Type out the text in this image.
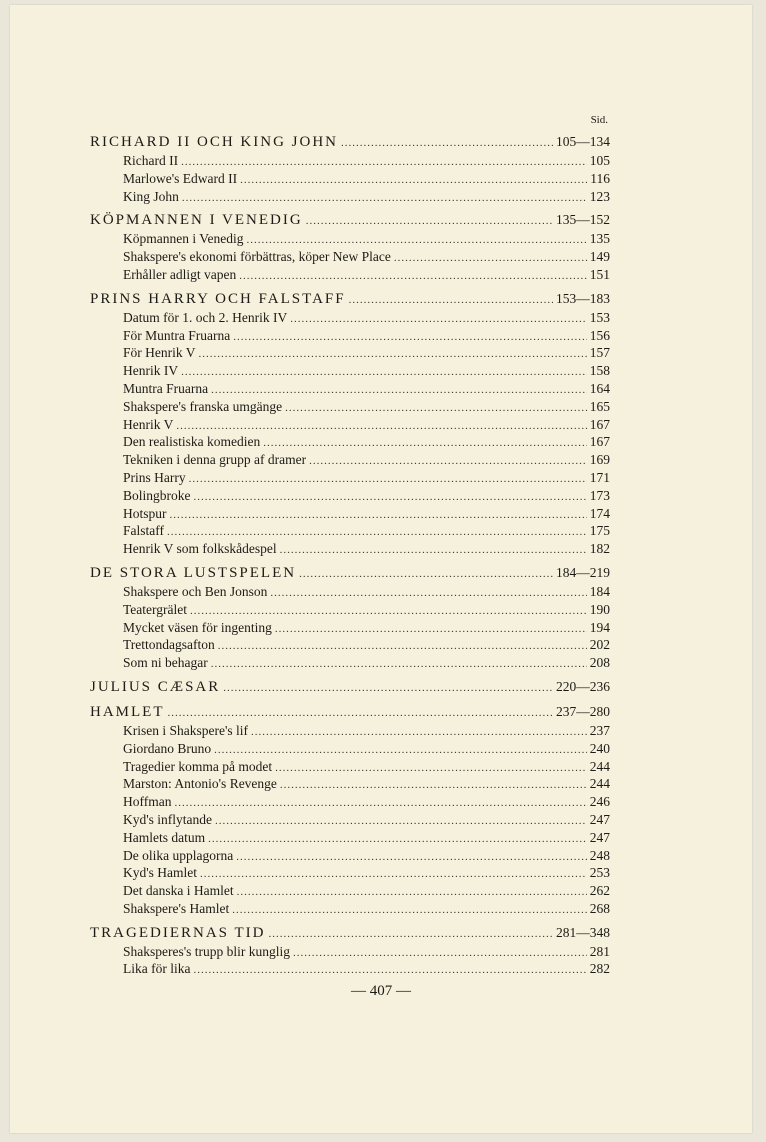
Sid.
RICHARD II OCH KING JOHN .....	105—134
Richard II .....	105
Marlowe's Edward II .....	116
King John .....	123
KÖPMANNEN I VENEDIG .....	135—152
Köpmannen i Venedig .....	135
Shakspere's ekonomi förbättras, köper New Place .....	149
Erhåller adligt vapen .....	151
PRINS HARRY OCH FALSTAFF .....	153—183
Datum för 1. och 2. Henrik IV .....	153
För Muntra Fruarna .....	156
För Henrik V .....	157
Henrik IV .....	158
Muntra Fruarna .....	164
Shakspere's franska umgänge .....	165
Henrik V .....	167
Den realistiska komedien .....	167
Tekniken i denna grupp af dramer .....	169
Prins Harry .....	171
Bolingbroke .....	173
Hotspur .....	174
Falstaff .....	175
Henrik V som folkskådespel .....	182
DE STORA LUSTSPELEN .....	184—219
Shakspere och Ben Jonson .....	184
Teatergrälet .....	190
Mycket väsen för ingenting .....	194
Trettondagsafton .....	202
Som ni behagar .....	208
JULIUS CÆSAR .....	220—236
HAMLET .....	237—280
Krisen i Shakspere's lif .....	237
Giordano Bruno .....	240
Tragedier komma på modet .....	244
Marston: Antonio's Revenge .....	244
Hoffman .....	246
Kyd's inflytande .....	247
Hamlets datum .....	247
De olika upplagorna .....	248
Kyd's Hamlet .....	253
Det danska i Hamlet .....	262
Shakspere's Hamlet .....	268
TRAGEDIERNAS TID .....	281—348
Shaksperes's trupp blir kunglig .....	281
Lika för lika .....	282
— 407 —
